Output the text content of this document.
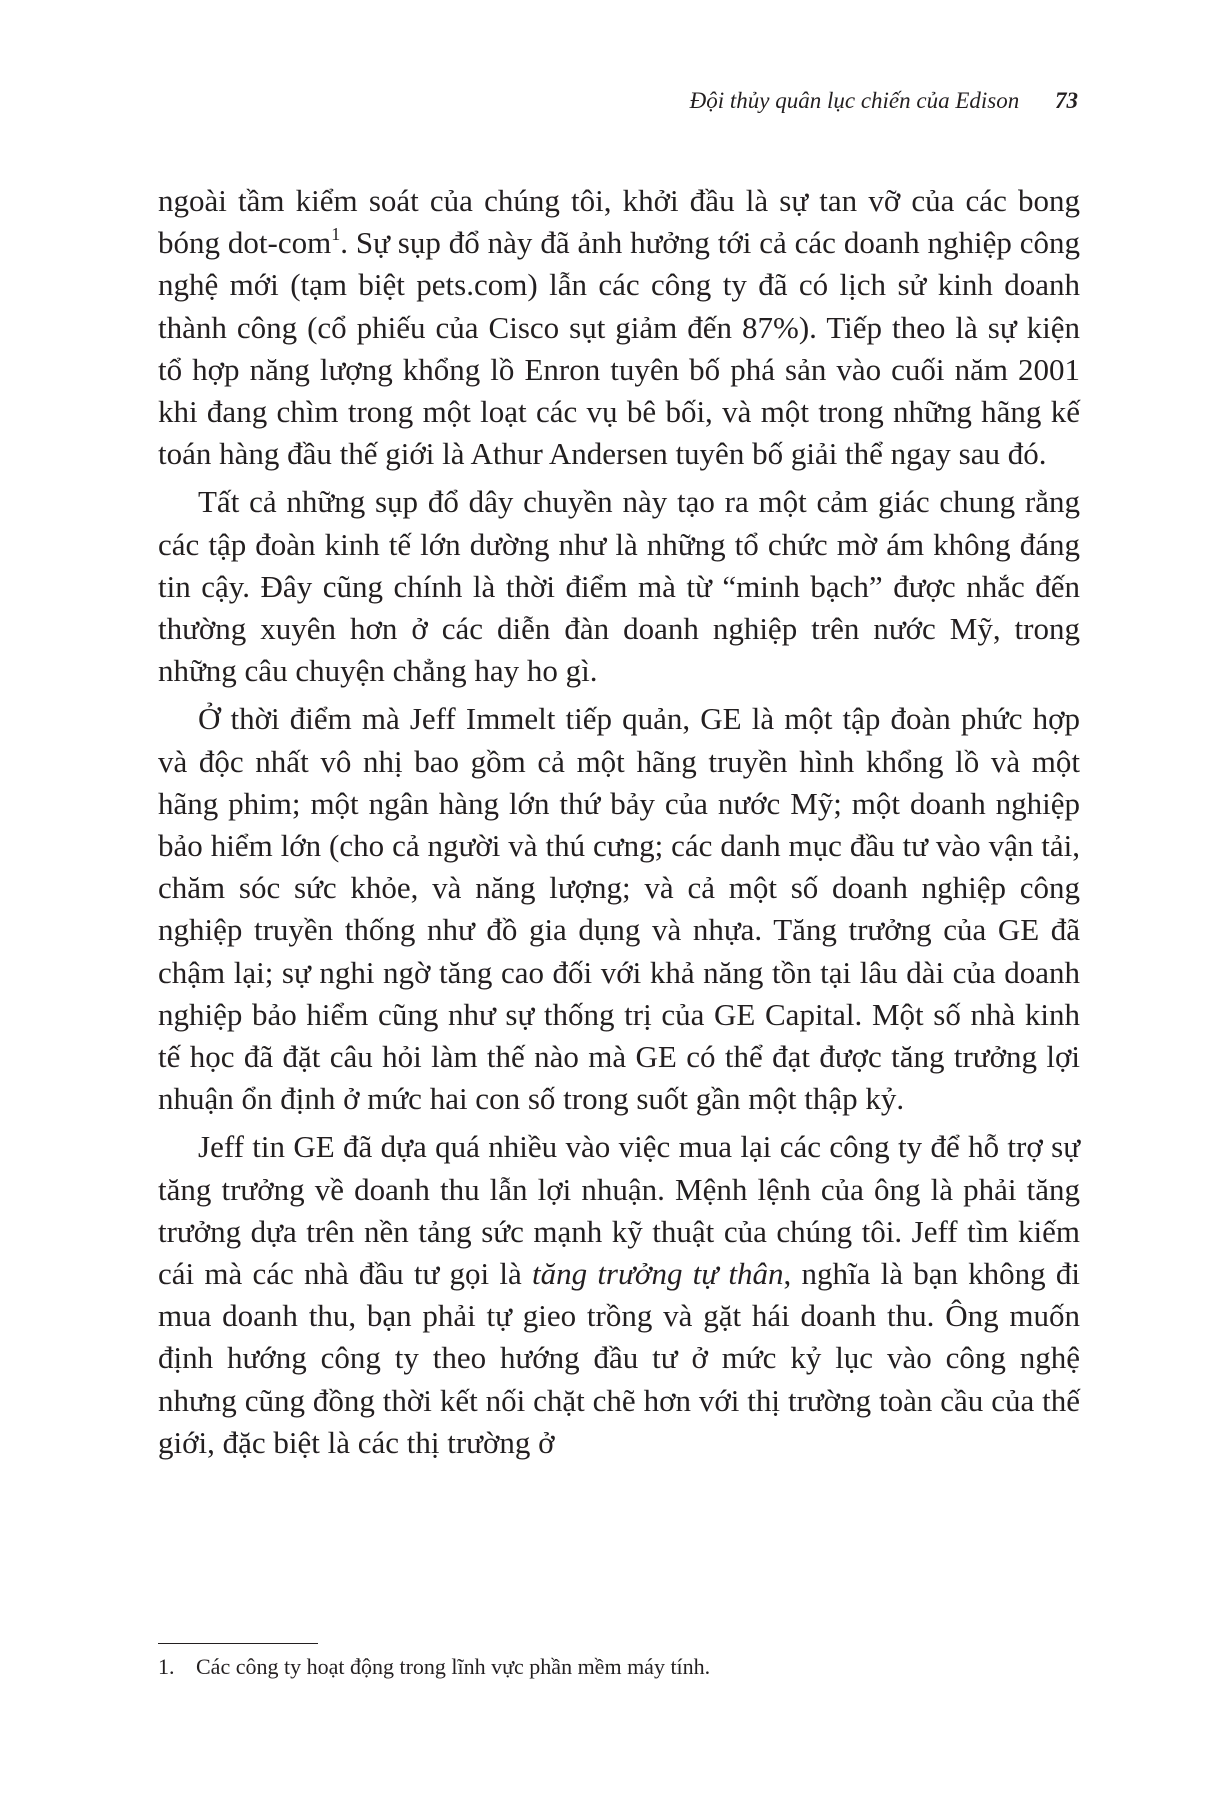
Đội thủy quân lục chiến của Edison 73

ngoài tầm kiểm soát của chúng tôi, khởi đầu là sự tan vỡ của các bong bóng dot-com$^1$. Sự sụp đổ này đã ảnh hưởng tới cả các doanh nghiệp công nghệ mới (tạm biệt pets.com) lẫn các công ty đã có lịch sử kinh doanh thành công (cổ phiếu của Cisco sụt giảm đến 87%). Tiếp theo là sự kiện tổ hợp năng lượng khổng lồ Enron tuyên bố phá sản vào cuối năm 2001 khi đang chìm trong một loạt các vụ bê bối, và một trong những hãng kế toán hàng đầu thế giới là Athur Andersen tuyên bố giải thể ngay sau đó.

Tất cả những sụp đổ dây chuyền này tạo ra một cảm giác chung rằng các tập đoàn kinh tế lớn dường như là những tổ chức mờ ám không đáng tin cậy. Đây cũng chính là thời điểm mà từ “minh bạch” được nhắc đến thường xuyên hơn ở các diễn đàn doanh nghiệp trên nước Mỹ, trong những câu chuyện chẳng hay ho gì.

Ở thời điểm mà Jeff Immelt tiếp quản, GE là một tập đoàn phức hợp và độc nhất vô nhị bao gồm cả một hãng truyền hình khổng lồ và một hãng phim; một ngân hàng lớn thứ bảy của nước Mỹ; một doanh nghiệp bảo hiểm lớn (cho cả người và thú cưng; các danh mục đầu tư vào vận tải, chăm sóc sức khỏe, và năng lượng; và cả một số doanh nghiệp công nghiệp truyền thống như đồ gia dụng và nhựa. Tăng trưởng của GE đã chậm lại; sự nghi ngờ tăng cao đối với khả năng tồn tại lâu dài của doanh nghiệp bảo hiểm cũng như sự thống trị của GE Capital. Một số nhà kinh tế học đã đặt câu hỏi làm thế nào mà GE có thể đạt được tăng trưởng lợi nhuận ổn định ở mức hai con số trong suốt gần một thập kỷ.

Jeff tin GE đã dựa quá nhiều vào việc mua lại các công ty để hỗ trợ sự tăng trưởng về doanh thu lẫn lợi nhuận. Mệnh lệnh của ông là phải tăng trưởng dựa trên nền tảng sức mạnh kỹ thuật của chúng tôi. Jeff tìm kiếm cái mà các nhà đầu tư gọi là tăng trưởng tự thân, nghĩa là bạn không đi mua doanh thu, bạn phải tự gieo trồng và gặt hái doanh thu. Ông muốn định hướng công ty theo hướng đầu tư ở mức kỷ lục vào công nghệ nhưng cũng đồng thời kết nối chặt chẽ hơn với thị trường toàn cầu của thế giới, đặc biệt là các thị trường ở

1. Các công ty hoạt động trong lĩnh vực phần mềm máy tính.
